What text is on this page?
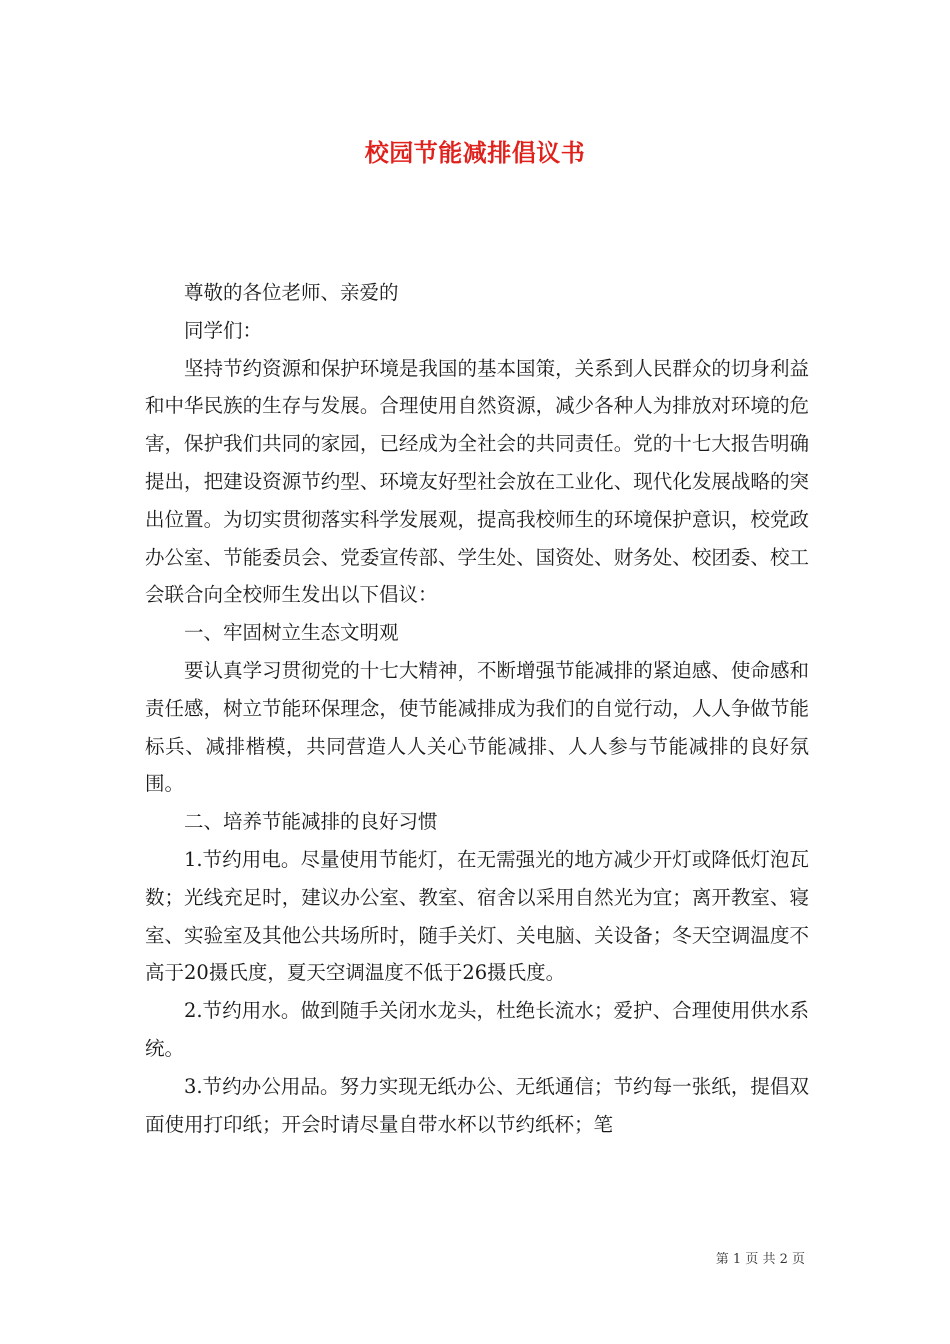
校园节能减排倡议书

尊敬的各位老师、亲爱的

同学们：

坚持节约资源和保护环境是我国的基本国策，关系到人民群众的切身利益和中华民族的生存与发展。合理使用自然资源，减少各种人为排放对环境的危害，保护我们共同的家园，已经成为全社会的共同责任。党的十七大报告明确提出，把建设资源节约型、环境友好型社会放在工业化、现代化发展战略的突出位置。为切实贯彻落实科学发展观，提高我校师生的环境保护意识，校党政办公室、节能委员会、党委宣传部、学生处、国资处、财务处、校团委、校工会联合向全校师生发出以下倡议：

一、牢固树立生态文明观

要认真学习贯彻党的十七大精神，不断增强节能减排的紧迫感、使命感和责任感，树立节能环保理念，使节能减排成为我们的自觉行动，人人争做节能标兵、减排楷模，共同营造人人关心节能减排、人人参与节能减排的良好氛围。

二、培养节能减排的良好习惯

1.节约用电。尽量使用节能灯，在无需强光的地方减少开灯或降低灯泡瓦数；光线充足时，建议办公室、教室、宿舍以采用自然光为宜；离开教室、寝室、实验室及其他公共场所时，随手关灯、关电脑、关设备；冬天空调温度不高于20摄氏度，夏天空调温度不低于26摄氏度。

2.节约用水。做到随手关闭水龙头，杜绝长流水；爱护、合理使用供水系统。

3.节约办公用品。努力实现无纸办公、无纸通信；节约每一张纸，提倡双面使用打印纸；开会时请尽量自带水杯以节约纸杯；笔

第 1 页 共 2 页
